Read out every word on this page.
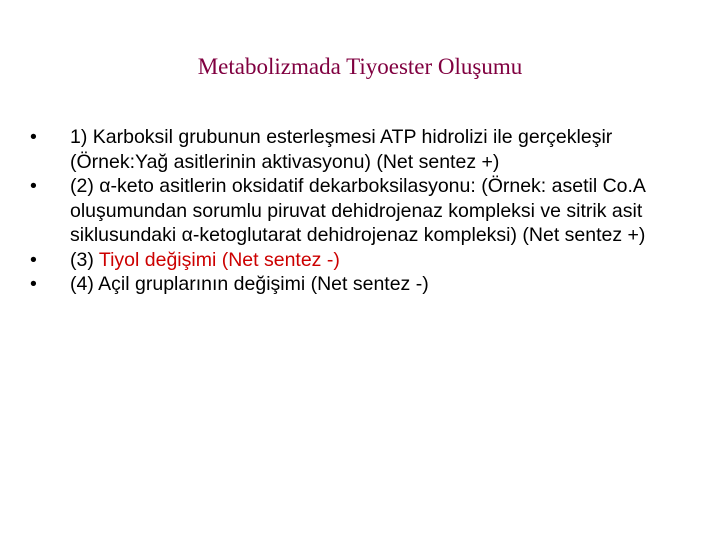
Metabolizmada Tiyoester Oluşumu
•	1) Karboksil grubunun esterleşmesi ATP hidrolizi ile gerçekleşir (Örnek:Yağ asitlerinin aktivasyonu) (Net sentez +)
•	(2) α-keto asitlerin oksidatif dekarboksilasyonu: (Örnek: asetil Co.A oluşumundan sorumlu piruvat dehidrojenaz kompleksi ve sitrik asit siklusundaki α-ketoglutarat dehidrojenaz kompleksi) (Net sentez +)
•	(3) Tiyol değişimi (Net sentez -)
•	(4) Açil gruplarının değişimi (Net sentez -)
